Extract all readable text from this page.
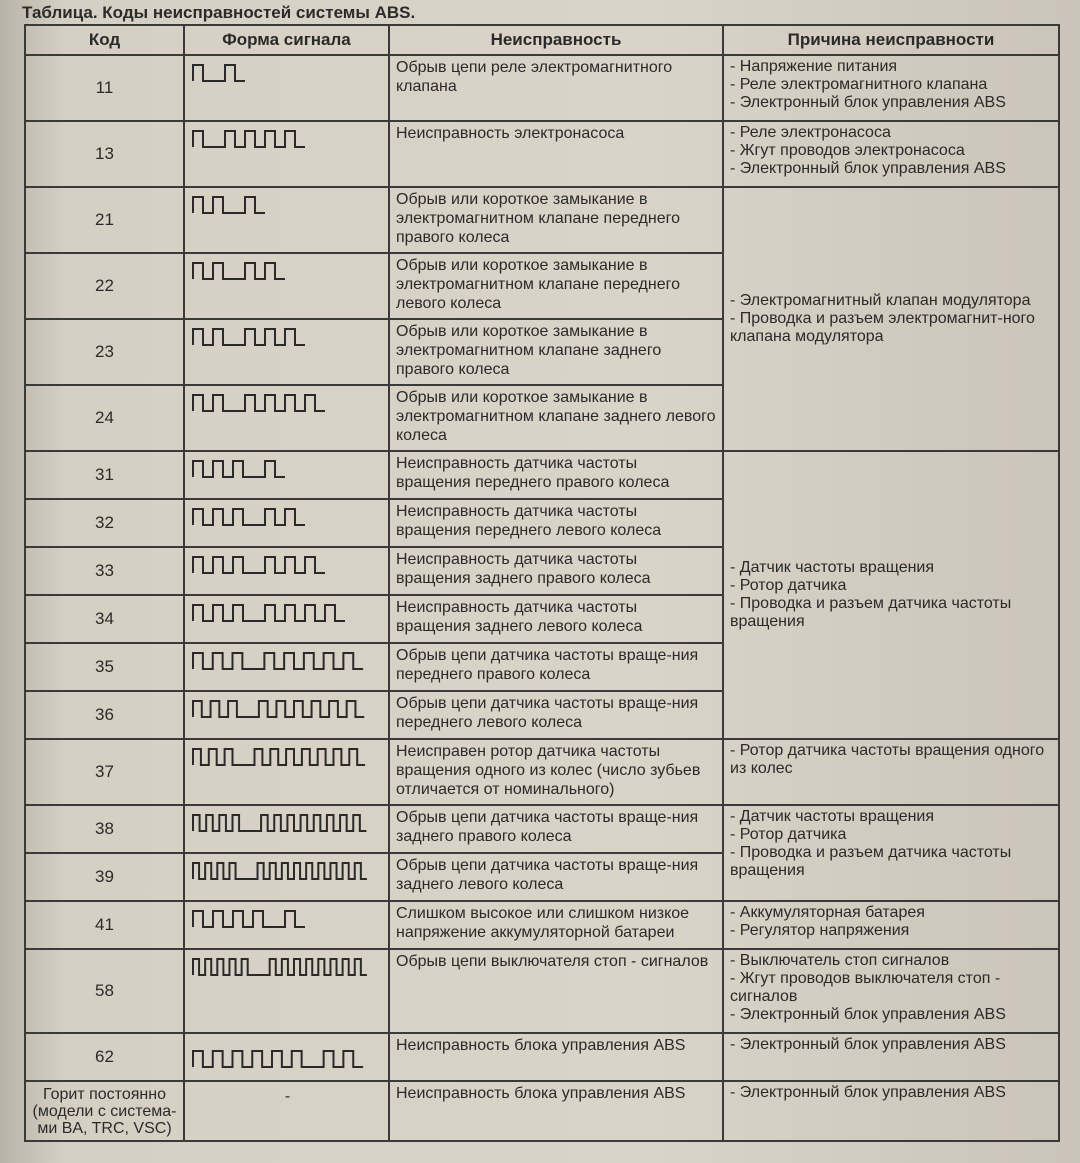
Таблица. Коды неисправностей системы ABS.
Код	Форма сигнала	Неисправность	Причина неисправности
11		Обрыв цепи реле электромагнитного клапана	- Напряжение питания
- Реле электромагнитного клапана
- Электронный блок управления ABS

13		Неисправность электронасоса	- Реле электронасоса
- Жгут проводов электронасоса
- Электронный блок управления ABS

21		Обрыв или короткое замыкание в электромагнитном клапане переднего правого колеса	- Электромагнитный клапан модулятора
- Проводка и разъем электромагнит-ного клапана модулятора

22		Обрыв или короткое замыкание в электромагнитном клапане переднего левого колеса	
23		Обрыв или короткое замыкание в электромагнитном клапане заднего правого колеса	
24		Обрыв или короткое замыкание в электромагнитном клапане заднего левого колеса	
31		Неисправность датчика частоты вращения переднего правого колеса	- Датчик частоты вращения
- Ротор датчика
- Проводка и разъем датчика частоты вращения

32		Неисправность датчика частоты вращения переднего левого колеса	
33		Неисправность датчика частоты вращения заднего правого колеса	
34		Неисправность датчика частоты вращения заднего левого колеса	
35		Обрыв цепи датчика частоты враще-ния переднего правого колеса	
36		Обрыв цепи датчика частоты враще-ния переднего левого колеса	
37		Неисправен ротор датчика частоты вращения одного из колес (число зубьев отличается от номинального)	- Ротор датчика частоты вращения одного из колес

38		Обрыв цепи датчика частоты враще-ния заднего правого колеса	- Датчик частоты вращения
- Ротор датчика
- Проводка и разъем датчика частоты вращения

39		Обрыв цепи датчика частоты враще-ния заднего левого колеса	
41		Слишком высокое или слишком низкое напряжение аккумуляторной батареи	- Аккумуляторная батарея
- Регулятор напряжения

58		Обрыв цепи выключателя стоп - сигналов	- Выключатель стоп сигналов
- Жгут проводов выключателя стоп - сигналов
- Электронный блок управления ABS

62		Неисправность блока управления ABS	- Электронный блок управления ABS

Горит постоянно (модели с система-ми BA, TRC, VSC)	-	Неисправность блока управления ABS	- Электронный блок управления ABS
